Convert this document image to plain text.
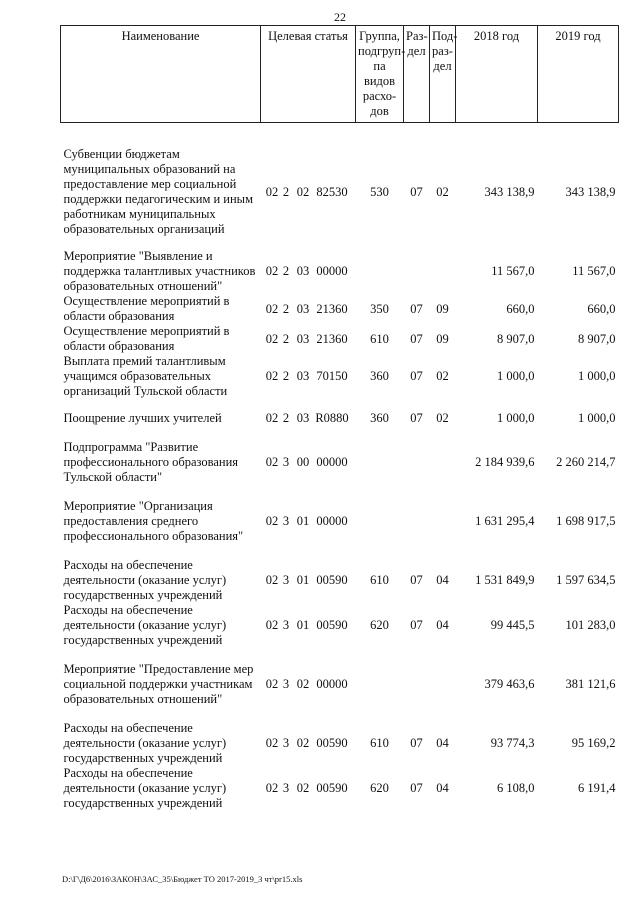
22
Наименование	Целевая статья	Группа, подгруп-па видов расхо-дов	Раз-дел	Под-раз-дел	2018 год	2019 год

Субвенции бюджетам муниципальных образований на предоставление мер социальной поддержки педагогическим и иным работникам муниципальных образовательных организаций	02 2 02 82530	530	07	02	343 138,9	343 138,9

Мероприятие "Выявление и поддержка талантливых участников образовательных отношений"	02 2 03 00000				11 567,0	11 567,0

Осуществление мероприятий в области образования	02 2 03 21360	350	07	09	660,0	660,0

Осуществление мероприятий в области образования	02 2 03 21360	610	07	09	8 907,0	8 907,0

Выплата премий талантливым учащимся образовательных организаций Тульской области	02 2 03 70150	360	07	02	1 000,0	1 000,0

Поощрение лучших учителей	02 2 03 R0880	360	07	02	1 000,0	1 000,0

Подпрограмма "Развитие профессионального образования Тульской области"	02 3 00 00000				2 184 939,6	2 260 214,7

Мероприятие "Организация предоставления среднего профессионального образования"	02 3 01 00000				1 631 295,4	1 698 917,5

Расходы на обеспечение деятельности (оказание услуг) государственных учреждений	02 3 01 00590	610	07	04	1 531 849,9	1 597 634,5

Расходы на обеспечение деятельности (оказание услуг) государственных учреждений	02 3 01 00590	620	07	04	99 445,5	101 283,0

Мероприятие "Предоставление мер социальной поддержки участникам образовательных отношений"	02 3 02 00000				379 463,6	381 121,6

Расходы на обеспечение деятельности (оказание услуг) государственных учреждений	02 3 02 00590	610	07	04	93 774,3	95 169,2

Расходы на обеспечение деятельности (оказание услуг) государственных учреждений	02 3 02 00590	620	07	04	6 108,0	6 191,4
D:\Г\Д6\2016\ЗАКОН\ЗАС_35\Бюджет ТО 2017-2019_3 чт\pr15.xls
